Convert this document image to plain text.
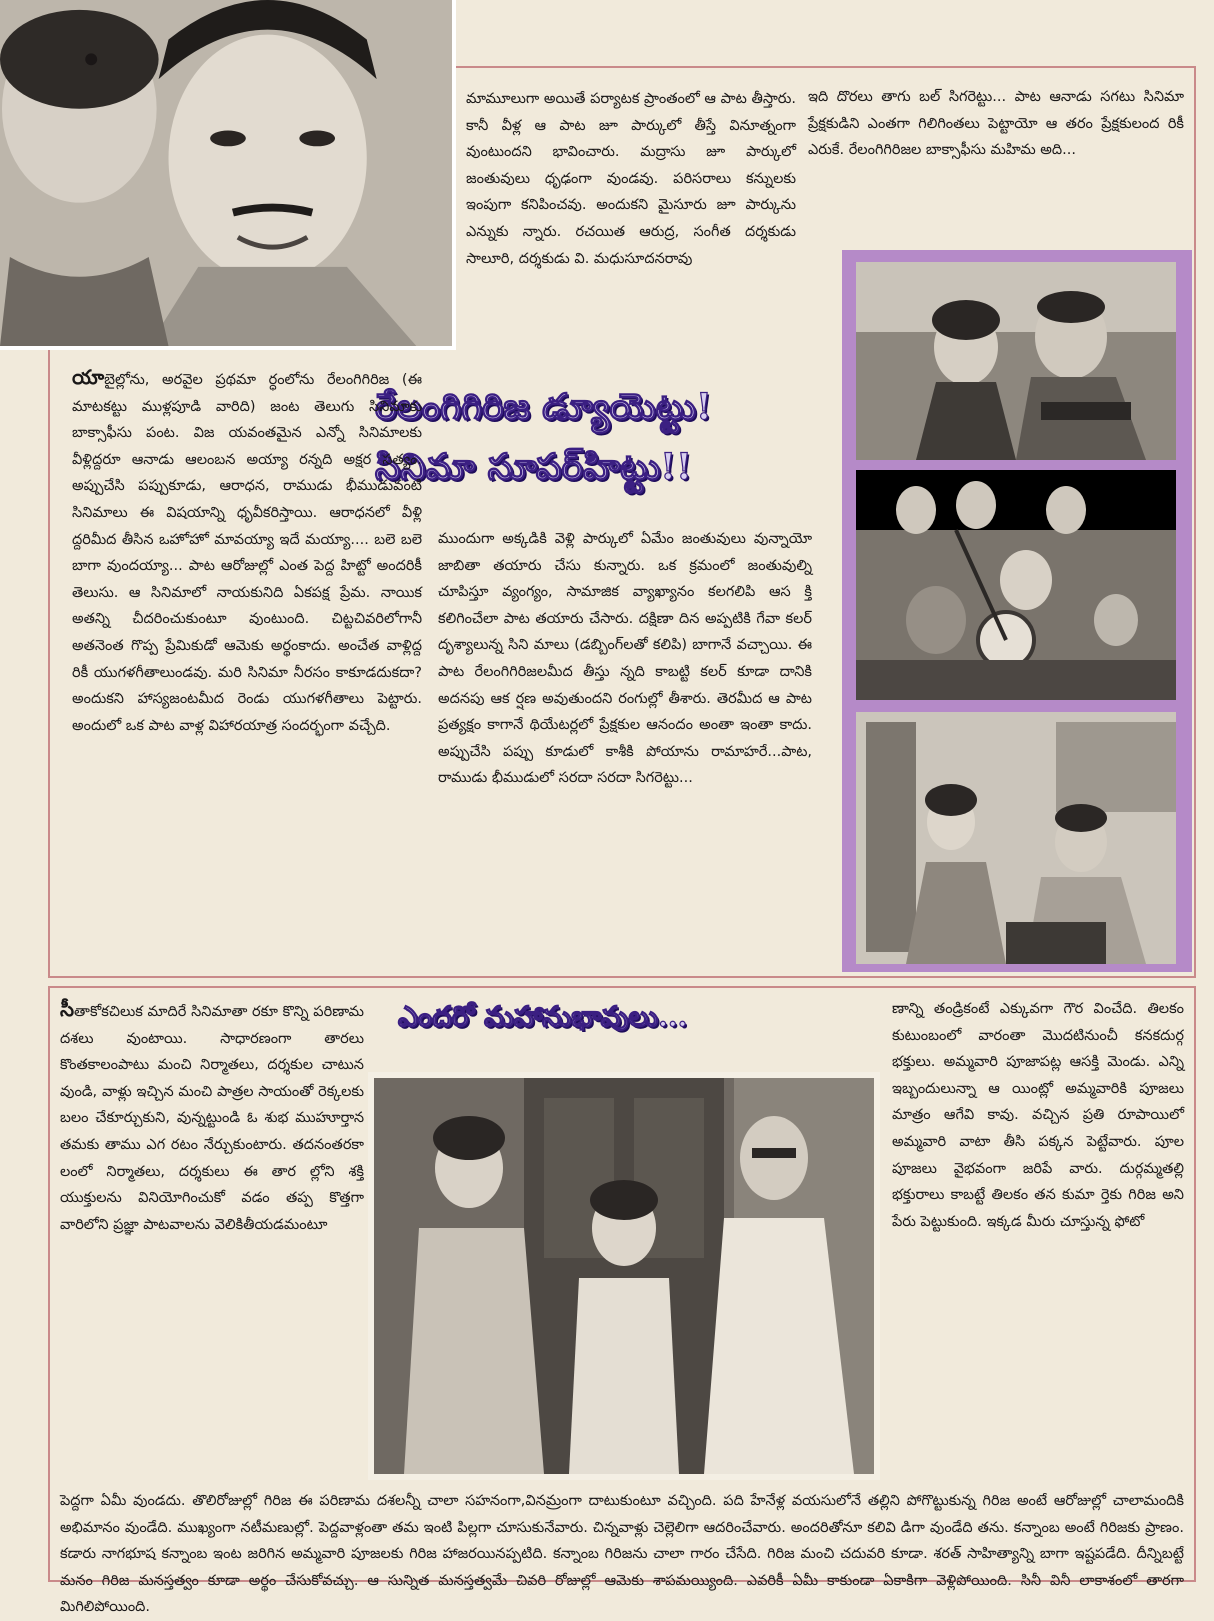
రేలంగిగిరిజ డ్యూయెట్టు!
సినిమా సూపర్‌హిట్టు!!
ఎందరో మహానుభావులు...

మామూలుగా అయితే పర్యాటక ప్రాంతంలో ఆ పాట తీస్తారు. కానీ వీళ్ల ఆ పాట జూ పార్కులో తీస్తే వినూత్నంగా వుంటుందని భావించారు. మద్రాసు జూ పార్కులో జంతువులు ధృఢంగా వుండవు. పరిసరాలు కన్నులకు ఇంపుగా కనిపించవు. అందుకని మైసూరు జూ పార్కును ఎన్నుకు న్నారు. రచయిత ఆరుద్ర, సంగీత దర్శకుడు సాలూరి, దర్శకుడు వి. మధుసూదనరావు

ఇది దొరలు తాగు బల్ సిగరెట్టు... పాట ఆనాడు సగటు సినిమా ప్రేక్షకుడిని ఎంతగా గిలిగింతలు పెట్టాయో ఆ తరం ప్రేక్షకులంద రికీ ఎరుకే. రేలంగిగిరిజల బాక్సాఫీసు మహిమ అది...

యాబైల్లోను, అరవైల ప్రథమా ర్ధంలోను రేలంగిగిరిజ (ఈ మాటకట్టు ముళ్లపూడి వారిది) జంట తెలుగు సినిమాకు బాక్సాఫీసు పంట. విజ యవంతమైన ఎన్నో సినిమాలకు వీళ్లిద్దరూ ఆనాడు ఆలంబన అయ్యా రన్నది అక్షర సత్యం. అప్పుచేసి పప్పుకూడు, ఆరాధన, రాముడు భీముడువంటి సినిమాలు ఈ విషయాన్ని ధృవీకరిస్తాయి. ఆరాధనలో వీళ్లి ద్దరిమీద తీసిన ఒహోహో మావయ్యా ఇదే మయ్యా.... బలె బలె బాగా వుందయ్యా... పాట ఆరోజుల్లో ఎంత పెద్ద హిట్టో అందరికీ తెలుసు. ఆ సినిమాలో నాయకునిది ఏకపక్ష ప్రేమ. నాయిక అతన్ని చీదరించుకుంటూ వుంటుంది. చిట్టచివరిలోగానీ అతనెంత గొప్ప ప్రేమికుడో ఆమెకు అర్థంకాదు. అంచేత వాళ్లిద్ద రికీ యుగళగీతాలుండవు. మరి సినిమా నీరసం కాకూడదుకదా? అందుకని హాస్యజంటమీద రెండు యుగళగీతాలు పెట్టారు. అందులో ఒక పాట వాళ్ల విహారయాత్ర సందర్భంగా వచ్చేది.

ముందుగా అక్కడికి వెళ్లి పార్కులో ఏమేం జంతువులు వున్నాయో జాబితా తయారు చేసు కున్నారు. ఒక క్రమంలో జంతువుల్ని చూపిస్తూ వ్యంగ్యం, సామాజిక వ్యాఖ్యానం కలగలిపి ఆస క్తి కలిగించేలా పాట తయారు చేసారు. దక్షిణా దిన అప్పటికి గేవా కలర్ దృశ్యాలున్న సిని మాలు (డబ్బింగ్‌లతో కలిపి) బాగానే వచ్చాయి. ఈ పాట రేలంగిగిరిజలమీద తీస్తు న్నది కాబట్టి కలర్ కూడా దానికి అదనపు ఆక ర్షణ అవుతుందని రంగుల్లో తీశారు. తెరమీద ఆ పాట ప్రత్యక్షం కాగానే థియేటర్లలో ప్రేక్షకుల ఆనందం అంతా ఇంతా కాదు. అప్పుచేసి పప్పు కూడులో కాశీకి పోయాను రామాహరే...పాట, రాముడు భీముడులో సరదా సరదా సిగరెట్టు...

సీతాకోకచిలుక మాదిరే సినిమాతా రకూ కొన్ని పరిణామ దశలు వుంటాయి. సాధారణంగా తారలు కొంతకాలంపాటు మంచి నిర్మాతలు, దర్శకుల చాటున వుండి, వాళ్లు ఇచ్చిన మంచి పాత్రల సాయంతో రెక్కలకు బలం చేకూర్చుకుని, వున్నట్టుండి ఓ శుభ ముహూర్తాన తమకు తాము ఎగ రటం నేర్చుకుంటారు. తదనంతరకా లంలో నిర్మాతలు, దర్శకులు ఈ తార ల్లోని శక్తి యుక్తులను వినియోగించుకో వడం తప్ప కొత్తగా వారిలోని ప్రజ్ఞా పాటవాలను వెలికితీయడమంటూ

ణాన్ని తండ్రికంటే ఎక్కువగా గౌర వించేది. తిలకం కుటుంబంలో వారంతా మొదటినుంచీ కనకదుర్గ భక్తులు. అమ్మవారి పూజాపట్ల ఆసక్తి మెండు. ఎన్ని ఇబ్బందులున్నా ఆ యింట్లో అమ్మవారికి పూజలు మాత్రం ఆగేవి కావు. వచ్చిన ప్రతి రూపాయిలో అమ్మవారి వాటా తీసి పక్కన పెట్టేవారు. పూల పూజలు వైభవంగా జరిపే వారు. దుర్గమ్మతల్లి భక్తురాలు కాబట్టే తిలకం తన కుమా ర్తెకు గిరిజ అని పేరు పెట్టుకుంది. ఇక్కడ మీరు చూస్తున్న ఫోటో

పెద్దగా ఏమీ వుండదు. తొలిరోజుల్లో గిరిజ ఈ పరిణామ దశలన్నీ చాలా సహనంగా,వినమ్రంగా దాటుకుంటూ వచ్చింది. పది హేనేళ్ల వయసులోనే తల్లిని పోగొట్టుకున్న గిరిజ అంటే ఆరోజుల్లో చాలామందికి అభిమానం వుండేది. ముఖ్యంగా నటీమణుల్లో. పెద్దవాళ్లంతా తమ ఇంటి పిల్లగా చూసుకునేవారు. చిన్నవాళ్లు చెల్లెలిగా ఆదరించేవారు. అందరితోనూ కలివి డిగా వుండేది తను. కన్నాంబ అంటే గిరిజకు ప్రాణం. కడారు నాగభూష కన్నాంబ ఇంట జరిగిన అమ్మవారి పూజలకు గిరిజ హాజరయినప్పటిది. కన్నాంబ గిరిజను చాలా గారం చేసేది. గిరిజ మంచి చదువరి కూడా. శరత్ సాహిత్యాన్ని బాగా ఇష్టపడేది. దీన్నిబట్టే మనం గిరిజ మనస్తత్వం కూడా అర్థం చేసుకోవచ్చు. ఆ సున్నిత మనస్తత్వమే చివరి రోజుల్లో ఆమెకు శాపమయ్యింది. ఎవరికీ ఏమీ కాకుండా ఏకాకిగా వెళ్లిపోయింది. సినీ వినీ లాకాశంలో తారగా మిగిలిపోయింది.
